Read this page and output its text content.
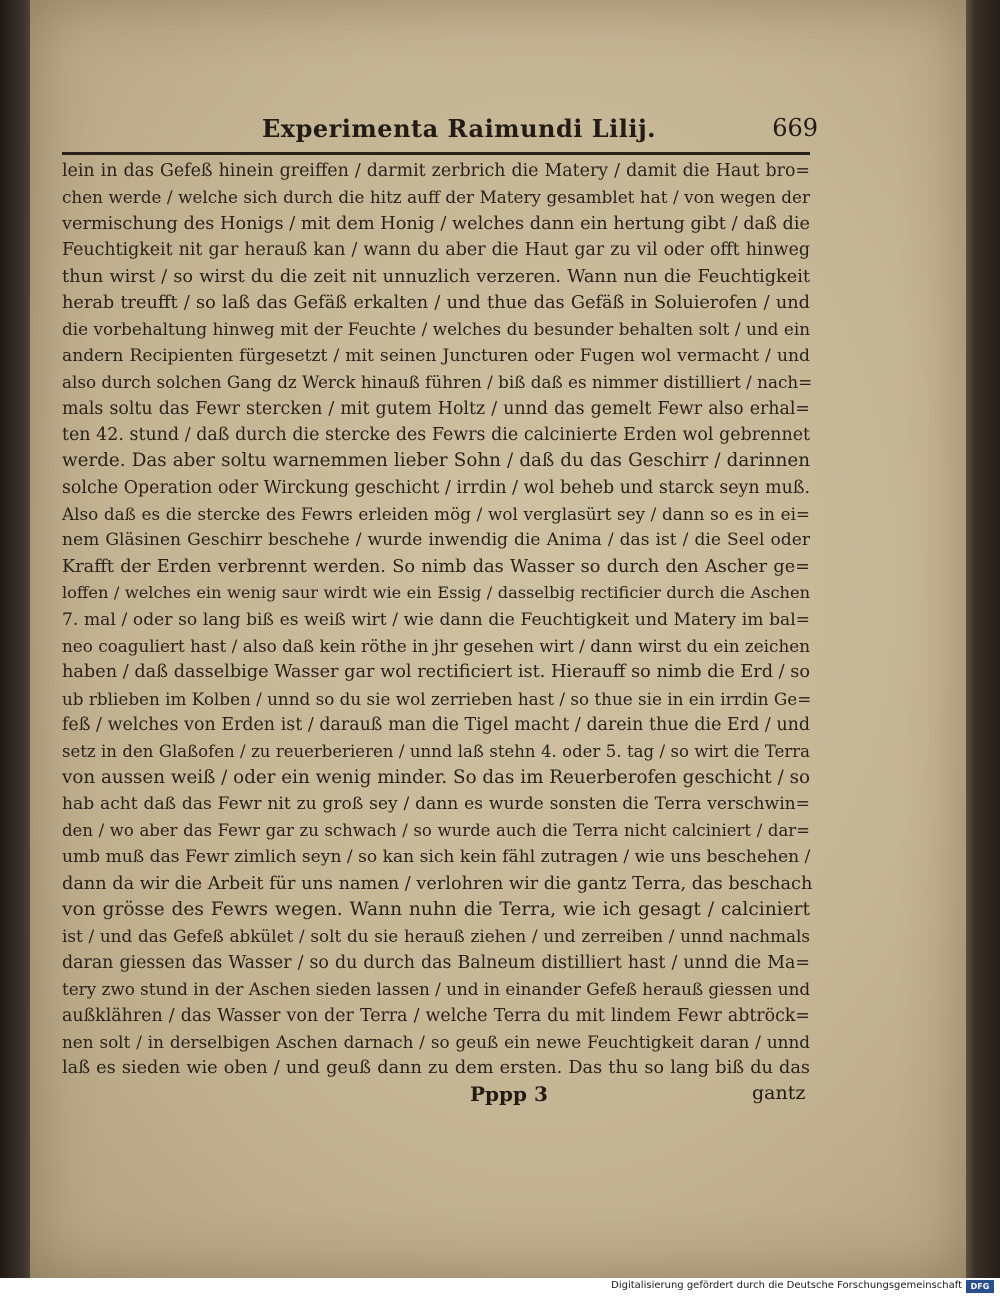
Experimenta Raimundi Lilij.	669
lein in das Gefeß hinein greiffen / darmit zerbrich die Matery / damit die Haut bro=
chen werde / welche sich durch die hitz auff der Matery gesamblet hat / von wegen der
vermischung des Honigs / mit dem Honig / welches dann ein hertung gibt / daß die
Feuchtigkeit nit gar herauß kan / wann du aber die Haut gar zu vil oder offt hinweg
thun wirst / so wirst du die zeit nit unnuzlich verzeren. Wann nun die Feuchtigkeit
herab treufft / so laß das Gefäß erkalten / und thue das Gefäß in Soluierofen / und
die vorbehaltung hinweg mit der Feuchte / welches du besunder behalten solt / und ein
andern Recipienten fürgesetzt / mit seinen Juncturen oder Fugen wol vermacht / und
also durch solchen Gang dz Werck hinauß führen / biß daß es nimmer distilliert / nach=
mals soltu das Fewr stercken / mit gutem Holtz / unnd das gemelt Fewr also erhal=
ten 42. stund / daß durch die stercke des Fewrs die calcinierte Erden wol gebrennet
werde. Das aber soltu warnemmen lieber Sohn / daß du das Geschirr / darinnen
solche Operation oder Wirckung geschicht / irrdin / wol beheb und starck seyn muß.
Also daß es die stercke des Fewrs erleiden mög / wol verglasürt sey / dann so es in ei=
nem Gläsinen Geschirr beschehe / wurde inwendig die Anima / das ist / die Seel oder
Krafft der Erden verbrennt werden. So nimb das Wasser so durch den Ascher ge=
loffen / welches ein wenig saur wirdt wie ein Essig / dasselbig rectificier durch die Aschen
7. mal / oder so lang biß es weiß wirt / wie dann die Feuchtigkeit und Matery im bal=
neo coaguliert hast / also daß kein röthe in jhr gesehen wirt / dann wirst du ein zeichen
haben / daß dasselbige Wasser gar wol rectificiert ist. Hierauff so nimb die Erd / so
ub rblieben im Kolben / unnd so du sie wol zerrieben hast / so thue sie in ein irrdin Ge=
feß / welches von Erden ist / darauß man die Tigel macht / darein thue die Erd / und
setz in den Glaßofen / zu reuerberieren / unnd laß stehn 4. oder 5. tag / so wirt die Terra
von aussen weiß / oder ein wenig minder. So das im Reuerberofen geschicht / so
hab acht daß das Fewr nit zu groß sey / dann es wurde sonsten die Terra verschwin=
den / wo aber das Fewr gar zu schwach / so wurde auch die Terra nicht calciniert / dar=
umb muß das Fewr zimlich seyn / so kan sich kein fähl zutragen / wie uns beschehen /
dann da wir die Arbeit für uns namen / verlohren wir die gantz Terra, das beschach
von grösse des Fewrs wegen. Wann nuhn die Terra, wie ich gesagt / calciniert
ist / und das Gefeß abkület / solt du sie herauß ziehen / und zerreiben / unnd nachmals
daran giessen das Wasser / so du durch das Balneum distilliert hast / unnd die Ma=
tery zwo stund in der Aschen sieden lassen / und in einander Gefeß herauß giessen und
außklähren / das Wasser von der Terra / welche Terra du mit lindem Fewr abtröck=
nen solt / in derselbigen Aschen darnach / so geuß ein newe Feuchtigkeit daran / unnd
laß es sieden wie oben / und geuß dann zu dem ersten. Das thu so lang biß du das
Pppp 3	gantz
Digitalisierung gefördert durch die Deutsche Forschungsgemeinschaft	DFG
